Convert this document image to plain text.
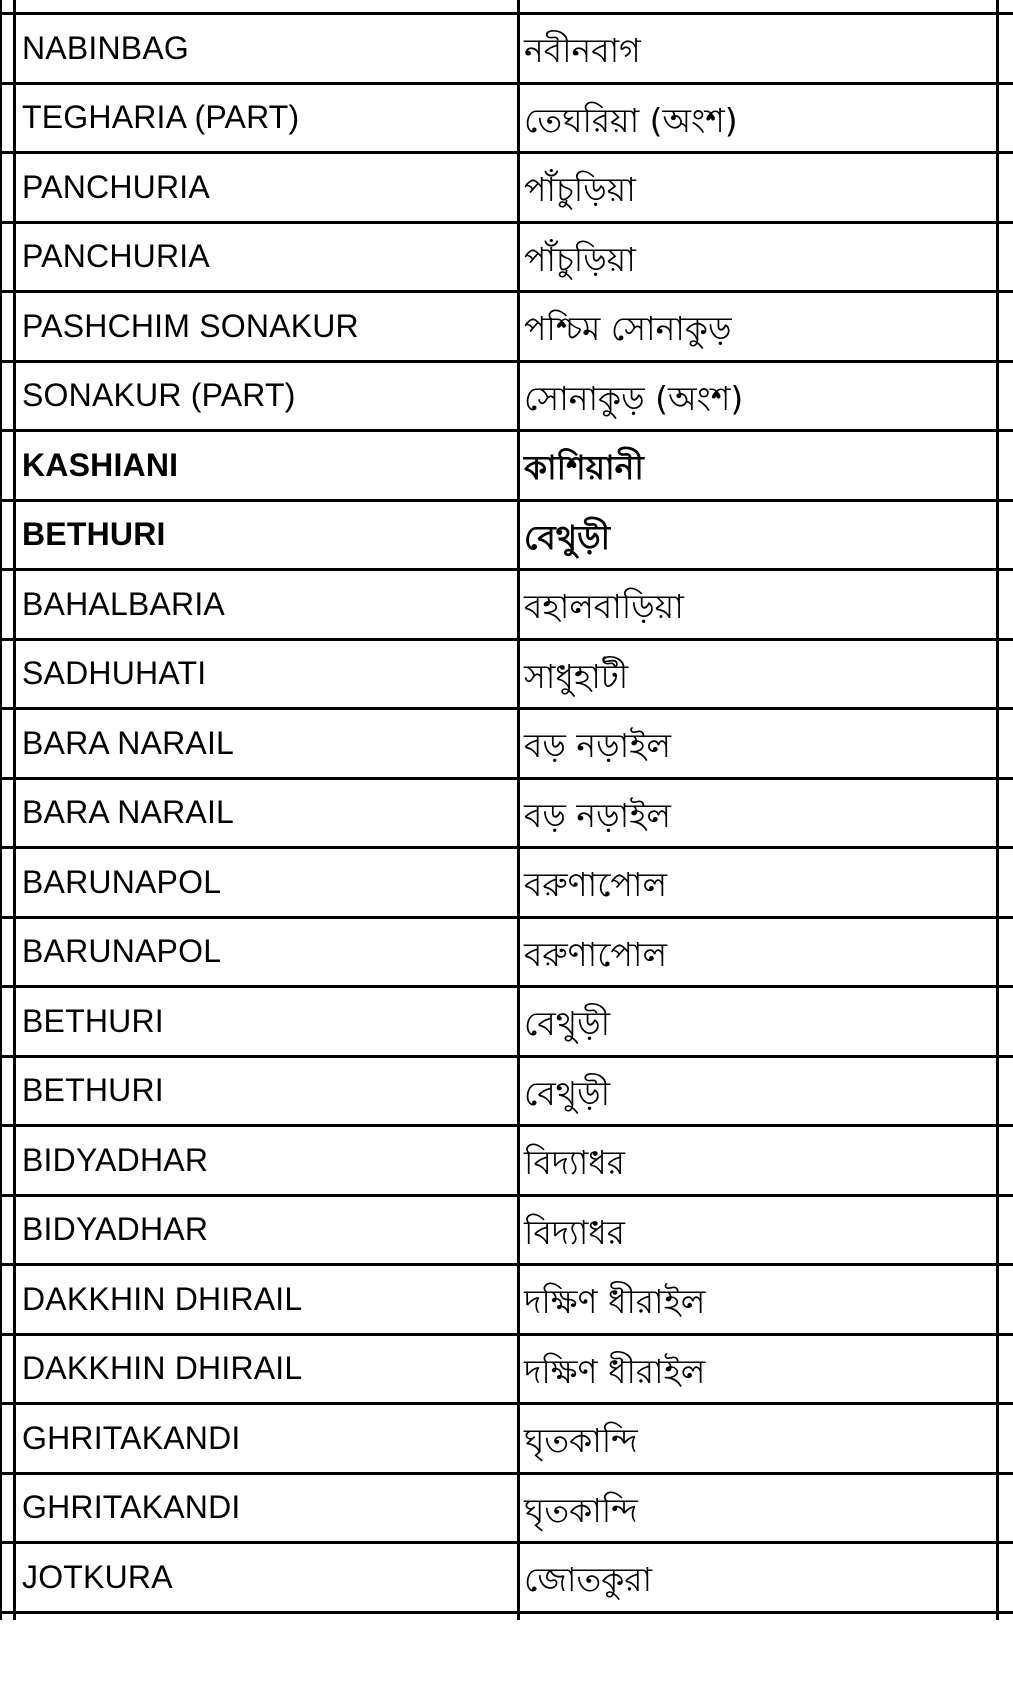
NABINBAG	নবীনবাগ
TEGHARIA (PART)	তেঘরিয়া (অংশ)
PANCHURIA	পাঁচুড়িয়া
PANCHURIA	পাঁচুড়িয়া
PASHCHIM SONAKUR	পশ্চিম সোনাকুড়
SONAKUR (PART)	সোনাকুড় (অংশ)
KASHIANI	কাশিয়ানী
BETHURI	বেথুড়ী
BAHALBARIA	বহালবাড়িয়া
SADHUHATI	সাধুহাটী
BARA NARAIL	বড় নড়াইল
BARA NARAIL	বড় নড়াইল
BARUNAPOL	বরুণাপোল
BARUNAPOL	বরুণাপোল
BETHURI	বেথুড়ী
BETHURI	বেথুড়ী
BIDYADHAR	বিদ্যাধর
BIDYADHAR	বিদ্যাধর
DAKKHIN DHIRAIL	দক্ষিণ ধীরাইল
DAKKHIN DHIRAIL	দক্ষিণ ধীরাইল
GHRITAKANDI	ঘৃতকান্দি
GHRITAKANDI	ঘৃতকান্দি
JOTKURA	জোতকুরা
